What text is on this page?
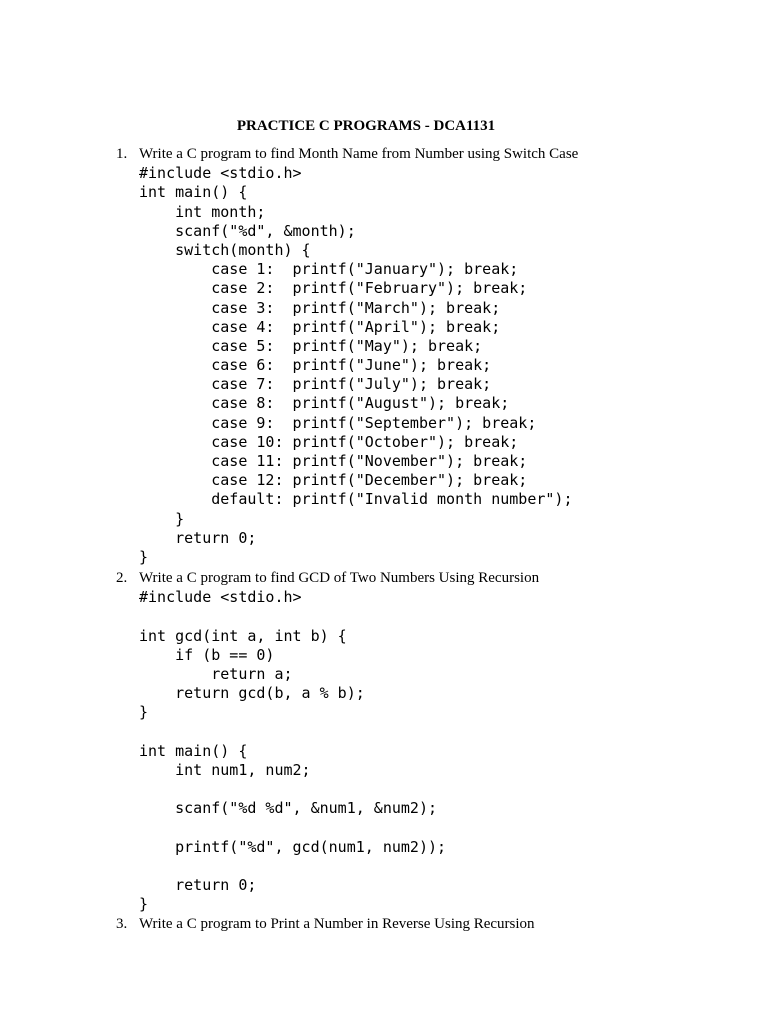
PRACTICE C PROGRAMS - DCA1131
1. Write a C program to find Month Name from Number using Switch Case
#include <stdio.h>
int main() {
int month;
scanf("%d", &month);
switch(month) {
case 1:  printf("January"); break;
case 2:  printf("February"); break;
case 3:  printf("March"); break;
case 4:  printf("April"); break;
case 5:  printf("May"); break;
case 6:  printf("June"); break;
case 7:  printf("July"); break;
case 8:  printf("August"); break;
case 9:  printf("September"); break;
case 10: printf("October"); break;
case 11: printf("November"); break;
case 12: printf("December"); break;
default: printf("Invalid month number");
}
return 0;
}
2. Write a C program to find GCD of Two Numbers Using Recursion
#include <stdio.h>
int gcd(int a, int b) {
if (b == 0)
return a;
return gcd(b, a % b);
}
int main() {
int num1, num2;
scanf("%d %d", &num1, &num2);
printf("%d", gcd(num1, num2));
return 0;
}
3. Write a C program to Print a Number in Reverse Using Recursion
